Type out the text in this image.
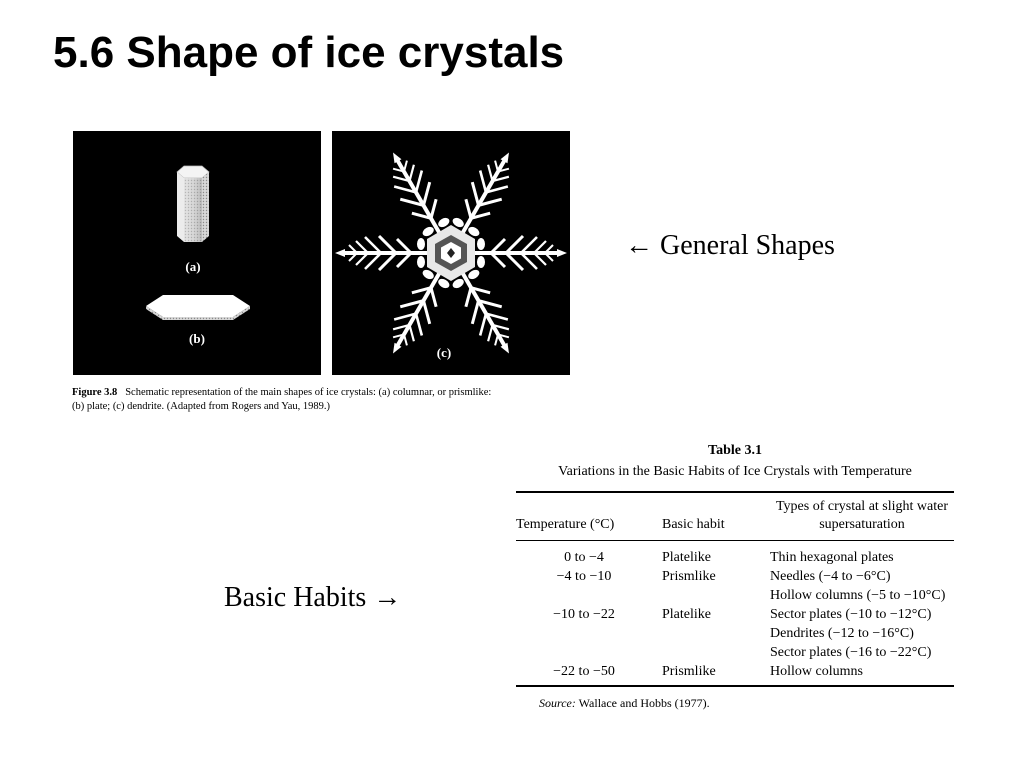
5.6 Shape of ice crystals
(a)
(b)
(c)
Figure 3.8 Schematic representation of the main shapes of ice crystals: (a) columnar, or prismlike:
(b) plate; (c) dendrite. (Adapted from Rogers and Yau, 1989.)
← General Shapes
Basic Habits →
Table 3.1
Variations in the Basic Habits of Ice Crystals with Temperature
Temperature (°C)	Basic habit	Types of crystal at slight water supersaturation
0 to −4	Platelike	Thin hexagonal plates
−4 to −10	Prismlike	Needles (−4 to −6°C)
		Hollow columns (−5 to −10°C)
−10 to −22	Platelike	Sector plates (−10 to −12°C)
		Dendrites (−12 to −16°C)
		Sector plates (−16 to −22°C)
−22 to −50	Prismlike	Hollow columns
Source: Wallace and Hobbs (1977).
